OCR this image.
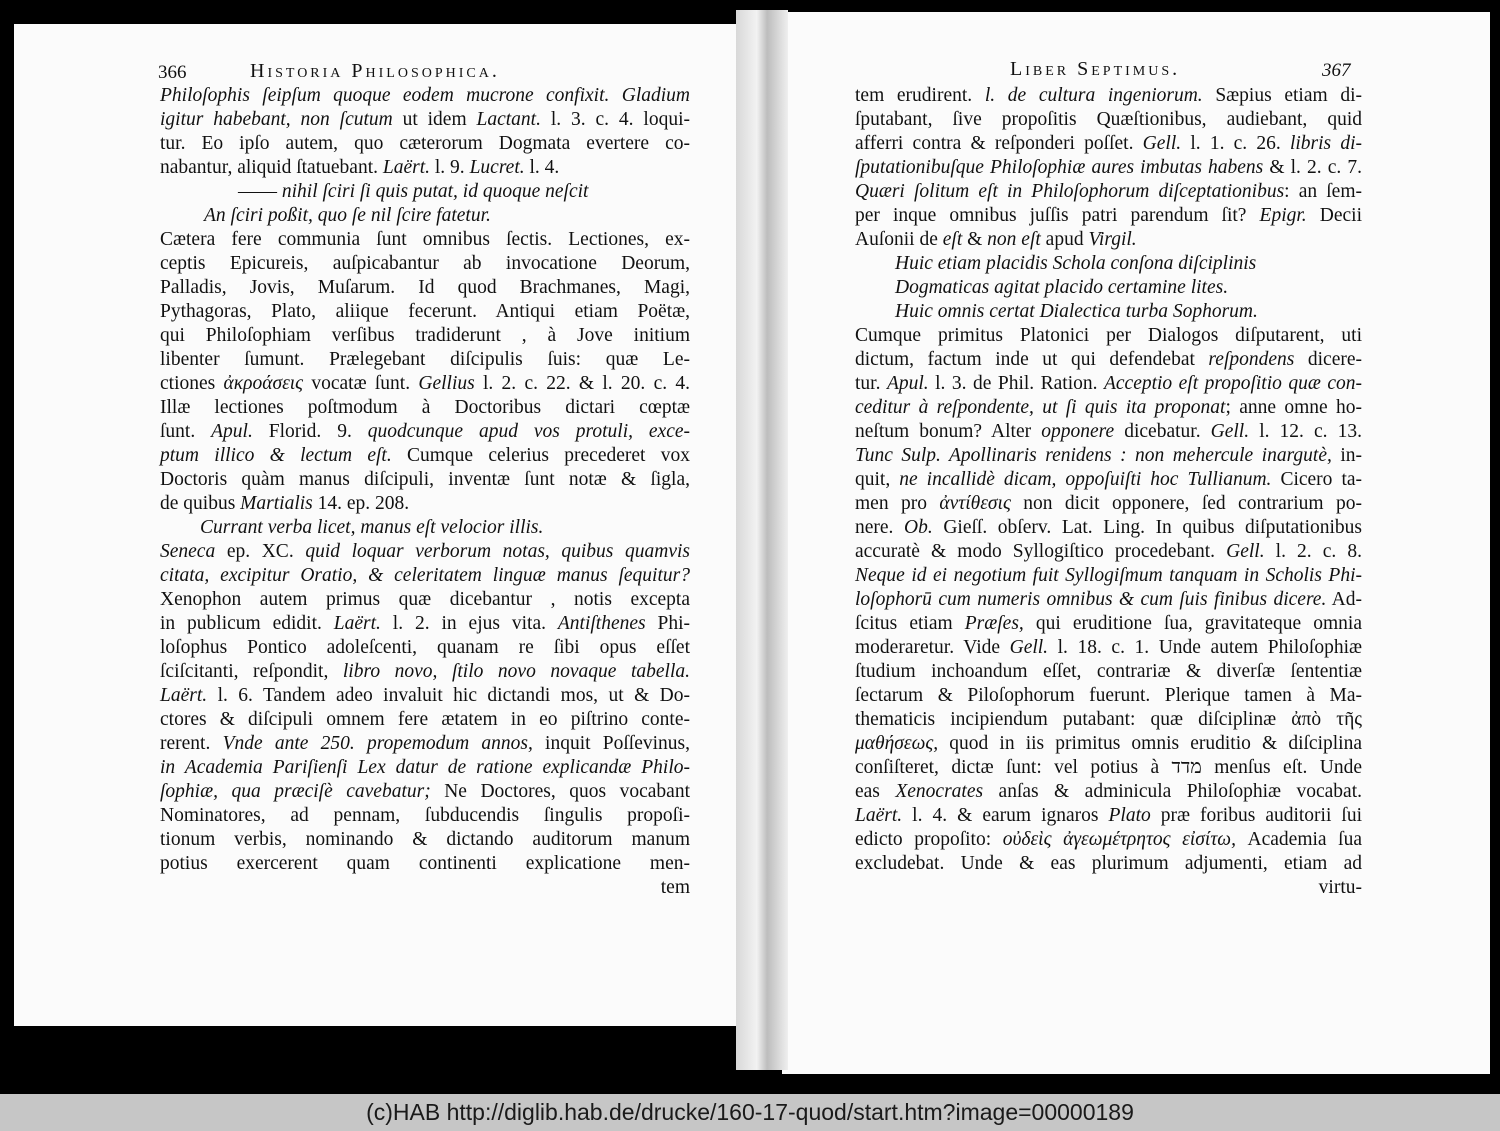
366	Historia Philosophica.
Philoſophis ſeipſum quoque eodem mucrone confixit. Gladium
igitur habebant, non ſcutum ut idem Lactant. l. 3. c. 4. loqui-
tur. Eo ipſo autem, quo cæterorum Dogmata evertere co-
nabantur, aliquid ſtatuebant. Laërt. l. 9. Lucret. l. 4.
—— nihil ſciri ſi quis putat, id quoque neſcit
An ſciri poßit, quo ſe nil ſcire fatetur.
Cætera fere communia ſunt omnibus ſectis. Lectiones, ex-
ceptis Epicureis, auſpicabantur ab invocatione Deorum,
Palladis, Jovis, Muſarum. Id quod Brachmanes, Magi,
Pythagoras, Plato, aliique fecerunt. Antiqui etiam Poëtæ,
qui Philoſophiam verſibus tradiderunt , à Jove initium
libenter ſumunt. Prælegebant diſcipulis ſuis: quæ Le-
ctiones ἀκροάσεις vocatæ ſunt. Gellius l. 2. c. 22. & l. 20. c. 4.
Illæ lectiones poſtmodum à Doctoribus dictari cœptæ
ſunt. Apul. Florid. 9. quodcunque apud vos protuli, exce-
ptum illico & lectum eſt. Cumque celerius precederet vox
Doctoris quàm manus diſcipuli, inventæ ſunt notæ & ſigla,
de quibus Martialis 14. ep. 208.
Currant verba licet, manus eſt velocior illis.
Seneca ep. XC. quid loquar verborum notas, quibus quamvis
citata, excipitur Oratio, & celeritatem linguæ manus ſequitur?
Xenophon autem primus quæ dicebantur , notis excepta
in publicum edidit. Laërt. l. 2. in ejus vita. Antiſthenes Phi-
loſophus Pontico adoleſcenti, quanam re ſibi opus eſſet
ſciſcitanti, reſpondit, libro novo, ſtilo novo novaque tabella.
Laërt. l. 6. Tandem adeo invaluit hic dictandi mos, ut & Do-
ctores & diſcipuli omnem fere ætatem in eo piſtrino conte-
rerent. Vnde ante 250. propemodum annos, inquit Poſſevinus,
in Academia Pariſienſi Lex datur de ratione explicandæ Philo-
ſophiæ, qua præciſè cavebatur; Ne Doctores, quos vocabant
Nominatores, ad pennam, ſubducendis ſingulis propoſi-
tionum verbis, nominando & dictando auditorum manum
potius exercerent quam continenti explicatione men-
tem
Liber Septimus.	367
tem erudirent. l. de cultura ingeniorum. Sæpius etiam di-
ſputabant, ſive propoſitis Quæſtionibus, audiebant, quid
afferri contra & reſponderi poſſet. Gell. l. 1. c. 26. libris di-
ſputationibuſque Philoſophiæ aures imbutas habens & l. 2. c. 7.
Quæri ſolitum eſt in Philoſophorum diſceptationibus: an ſem-
per inque omnibus juſſis patri parendum ſit? Epigr. Decii
Auſonii de eſt & non eſt apud Virgil.
Huic etiam placidis Schola conſona diſciplinis
Dogmaticas agitat placido certamine lites.
Huic omnis certat Dialectica turba Sophorum.
Cumque primitus Platonici per Dialogos diſputarent, uti
dictum, factum inde ut qui defendebat reſpondens dicere-
tur. Apul. l. 3. de Phil. Ration. Acceptio eſt propoſitio quæ con-
ceditur à reſpondente, ut ſi quis ita proponat; anne omne ho-
neſtum bonum? Alter opponere dicebatur. Gell. l. 12. c. 13.
Tunc Sulp. Apollinaris renidens : non mehercule inargutè, in-
quit, ne incallidè dicam, oppoſuiſti hoc Tullianum. Cicero ta-
men pro ἀντίθεσις non dicit opponere, ſed contrarium po-
nere. Ob. Gieſſ. obſerv. Lat. Ling. In quibus diſputationibus
accuratè & modo Syllogiſtico procedebant. Gell. l. 2. c. 8.
Neque id ei negotium fuit Syllogiſmum tanquam in Scholis Phi-
loſophorū cum numeris omnibus & cum ſuis finibus dicere. Ad-
ſcitus etiam Præſes, qui eruditione ſua, gravitateque omnia
moderaretur. Vide Gell. l. 18. c. 1. Unde autem Philoſophiæ
ſtudium inchoandum eſſet, contrariæ & diverſæ ſententiæ
ſectarum & Piloſophorum fuerunt. Plerique tamen à Ma-
thematicis incipiendum putabant: quæ diſciplinæ ἀπὸ τῆς
μαθήσεως, quod in iis primitus omnis eruditio & diſciplina
conſiſteret, dictæ ſunt: vel potius à מדד menſus eſt. Unde
eas Xenocrates anſas & adminicula Philoſophiæ vocabat.
Laërt. l. 4. & earum ignaros Plato præ foribus auditorii ſui
edicto propoſito: οὐδεὶς ἀγεωμέτρητος εἰσίτω, Academia ſua
excludebat. Unde & eas plurimum adjumenti, etiam ad
virtu-
(c)HAB http://diglib.hab.de/drucke/160-17-quod/start.htm?image=00000189
